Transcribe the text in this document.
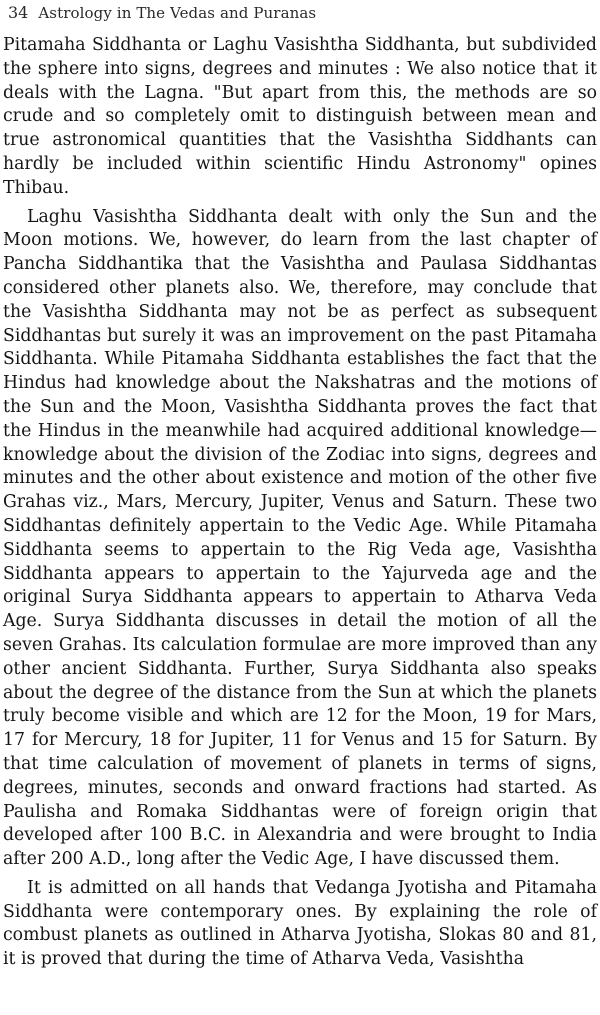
34 Astrology in The Vedas and Puranas

Pitamaha Siddhanta or Laghu Vasishtha Siddhanta, but subdivided the sphere into signs, degrees and minutes : We also notice that it deals with the Lagna. "But apart from this, the methods are so crude and so completely omit to distinguish between mean and true astronomical quantities that the Vasishtha Siddhants can hardly be included within scientific Hindu Astronomy" opines Thibau.

Laghu Vasishtha Siddhanta dealt with only the Sun and the Moon motions. We, however, do learn from the last chapter of Pancha Siddhantika that the Vasishtha and Paulasa Siddhantas considered other planets also. We, therefore, may conclude that the Vasishtha Siddhanta may not be as perfect as subsequent Siddhantas but surely it was an improvement on the past Pitamaha Siddhanta. While Pitamaha Siddhanta establishes the fact that the Hindus had knowledge about the Nakshatras and the motions of the Sun and the Moon, Vasishtha Siddhanta proves the fact that the Hindus in the meanwhile had acquired additional knowledge—knowledge about the division of the Zodiac into signs, degrees and minutes and the other about existence and motion of the other five Grahas viz., Mars, Mercury, Jupiter, Venus and Saturn. These two Siddhantas definitely appertain to the Vedic Age. While Pitamaha Siddhanta seems to appertain to the Rig Veda age, Vasishtha Siddhanta appears to appertain to the Yajurveda age and the original Surya Siddhanta appears to appertain to Atharva Veda Age. Surya Siddhanta discusses in detail the motion of all the seven Grahas. Its calculation formulae are more improved than any other ancient Siddhanta. Further, Surya Siddhanta also speaks about the degree of the distance from the Sun at which the planets truly become visible and which are 12 for the Moon, 19 for Mars, 17 for Mercury, 18 for Jupiter, 11 for Venus and 15 for Saturn. By that time calculation of movement of planets in terms of signs, degrees, minutes, seconds and onward fractions had started. As Paulisha and Romaka Siddhantas were of foreign origin that developed after 100 B.C. in Alexandria and were brought to India after 200 A.D., long after the Vedic Age, I have discussed them.

It is admitted on all hands that Vedanga Jyotisha and Pitamaha Siddhanta were contemporary ones. By explaining the role of combust planets as outlined in Atharva Jyotisha, Slokas 80 and 81, it is proved that during the time of Atharva Veda, Vasishtha
